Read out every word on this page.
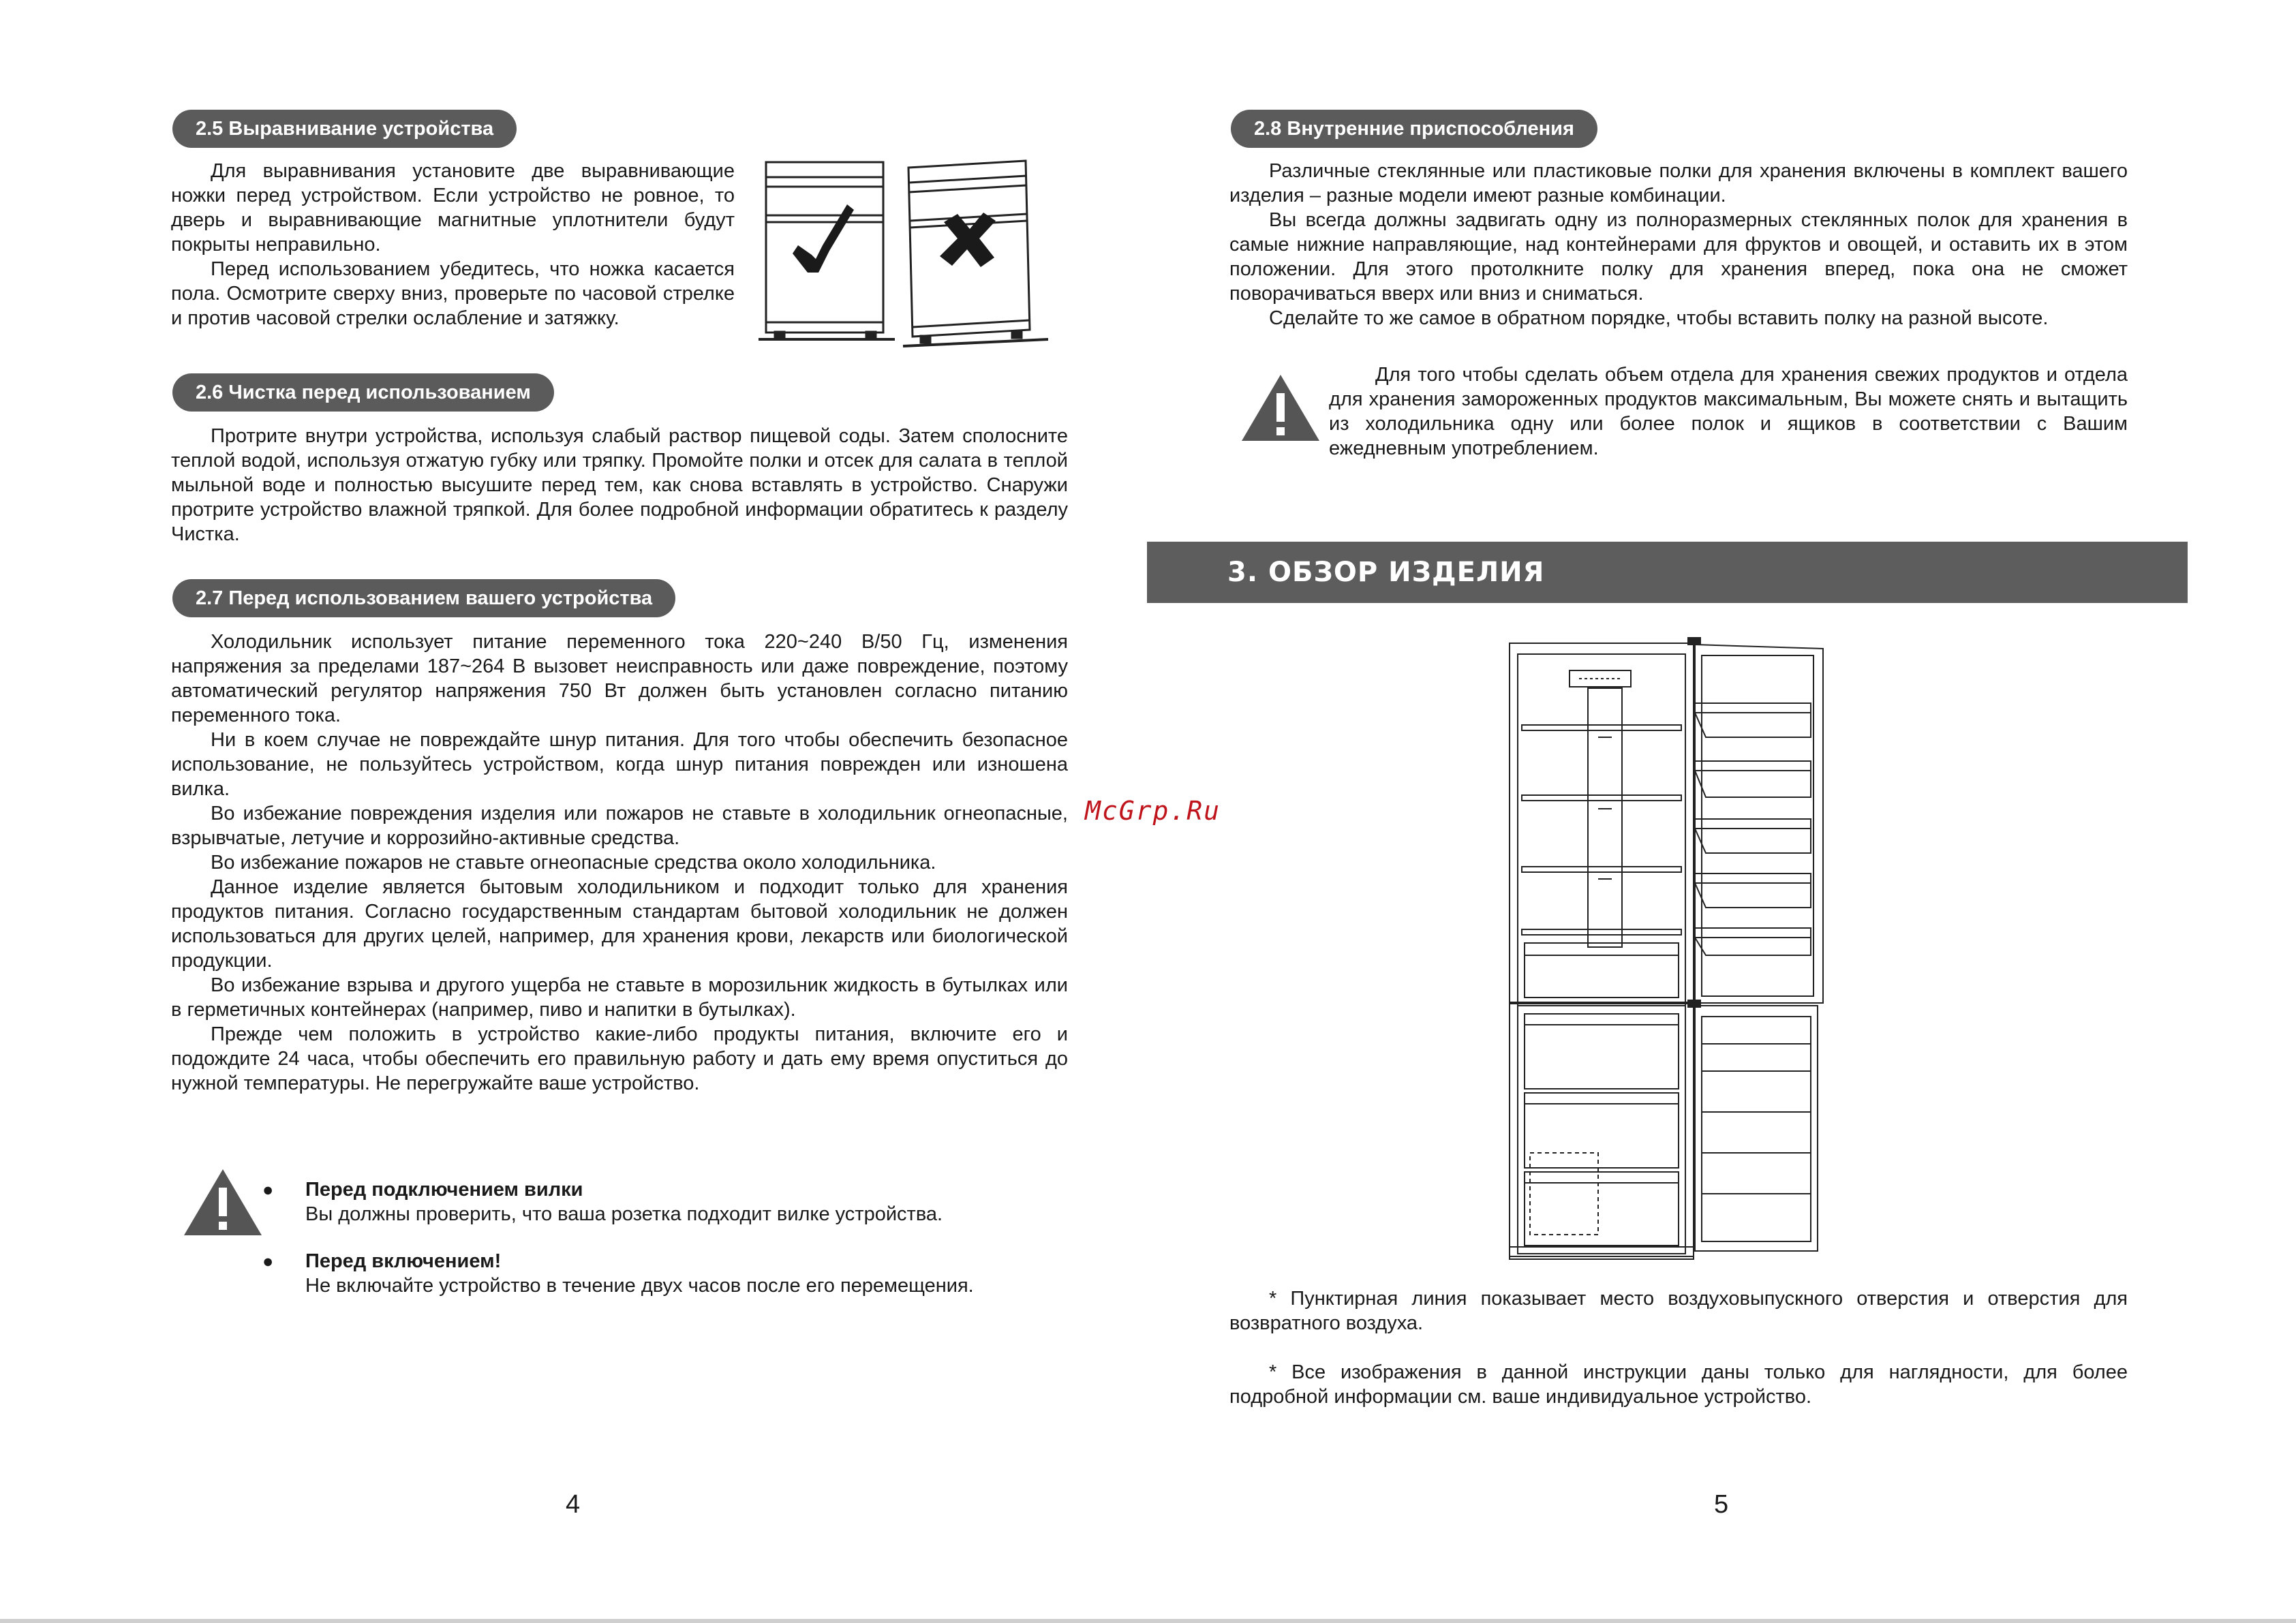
2.5 Выравнивание устройства

Для выравнивания установите две выравнивающие ножки перед устройством. Если устройство не ровное, то дверь и выравнивающие магнитные уплотнители будут покрыты неправильно.

Перед использованием убедитесь, что ножка касается пола. Осмотрите сверху вниз, проверьте по часовой стрелке и против часовой стрелки ослабление и затяжку.

2.6 Чистка перед использованием

Протрите внутри устройства, используя слабый раствор пищевой соды. Затем сполосните теплой водой, используя отжатую губку или тряпку. Промойте полки и отсек для салата в теплой мыльной воде и полностью высушите перед тем, как снова вставлять в устройство. Снаружи протрите устройство влажной тряпкой. Для более подробной информации обратитесь к разделу Чистка.

2.7 Перед использованием вашего устройства

Холодильник использует питание переменного тока 220~240 В/50 Гц, изменения напряжения за пределами 187~264 В вызовет неисправность или даже повреждение, поэтому автоматический регулятор напряжения 750 Вт должен быть установлен согласно питанию переменного тока.

Ни в коем случае не повреждайте шнур питания. Для того чтобы обеспечить безопасное использование, не пользуйтесь устройством, когда шнур питания поврежден или изношена вилка.

Во избежание повреждения изделия или пожаров не ставьте в холодильник огнеопасные, взрывчатые, летучие и коррозийно-активные средства.

Во избежание пожаров не ставьте огнеопасные средства около холодильника.

Данное изделие является бытовым холодильником и подходит только для хранения продуктов питания. Согласно государственным стандартам бытовой холодильник не должен использоваться для других целей, например, для хранения крови, лекарств или биологической продукции.

Во избежание взрыва и другого ущерба не ставьте в морозильник жидкость в бутылках или в герметичных контейнерах (например, пиво и напитки в бутылках).

Прежде чем положить в устройство какие-либо продукты питания, включите его и подождите 24 часа, чтобы обеспечить его правильную работу и дать ему время опуститься до нужной температуры. Не перегружайте ваше устройство.

McGrp.Ru
● Перед подключением вилки
Вы должны проверить, что ваша розетка подходит вилке устройства.
● Перед включением!
Не включайте устройство в течение двух часов после его перемещения.
4
2.8 Внутренние приспособления

Различные стеклянные или пластиковые полки для хранения включены в комплект вашего изделия – разные модели имеют разные комбинации.

Вы всегда должны задвигать одну из полноразмерных стеклянных полок для хранения в самые нижние направляющие, над контейнерами для фруктов и овощей, и оставить их в этом положении. Для этого протолкните полку для хранения вперед, пока она не сможет поворачиваться вверх или вниз и сниматься.

Сделайте то же самое в обратном порядке, чтобы вставить полку на разной высоте.

Для того чтобы сделать объем отдела для хранения свежих продуктов и отдела для хранения замороженных продуктов максимальным, Вы можете снять и вытащить из холодильника одну или более полок и ящиков в соответствии с Вашим ежедневным употреблением.

3. ОБЗОР ИЗДЕЛИЯ

* Пунктирная линия показывает место воздуховыпускного отверстия и отверстия для возвратного воздуха.

* Все изображения в данной инструкции даны только для наглядности, для более подробной информации см. ваше индивидуальное устройство.

5
